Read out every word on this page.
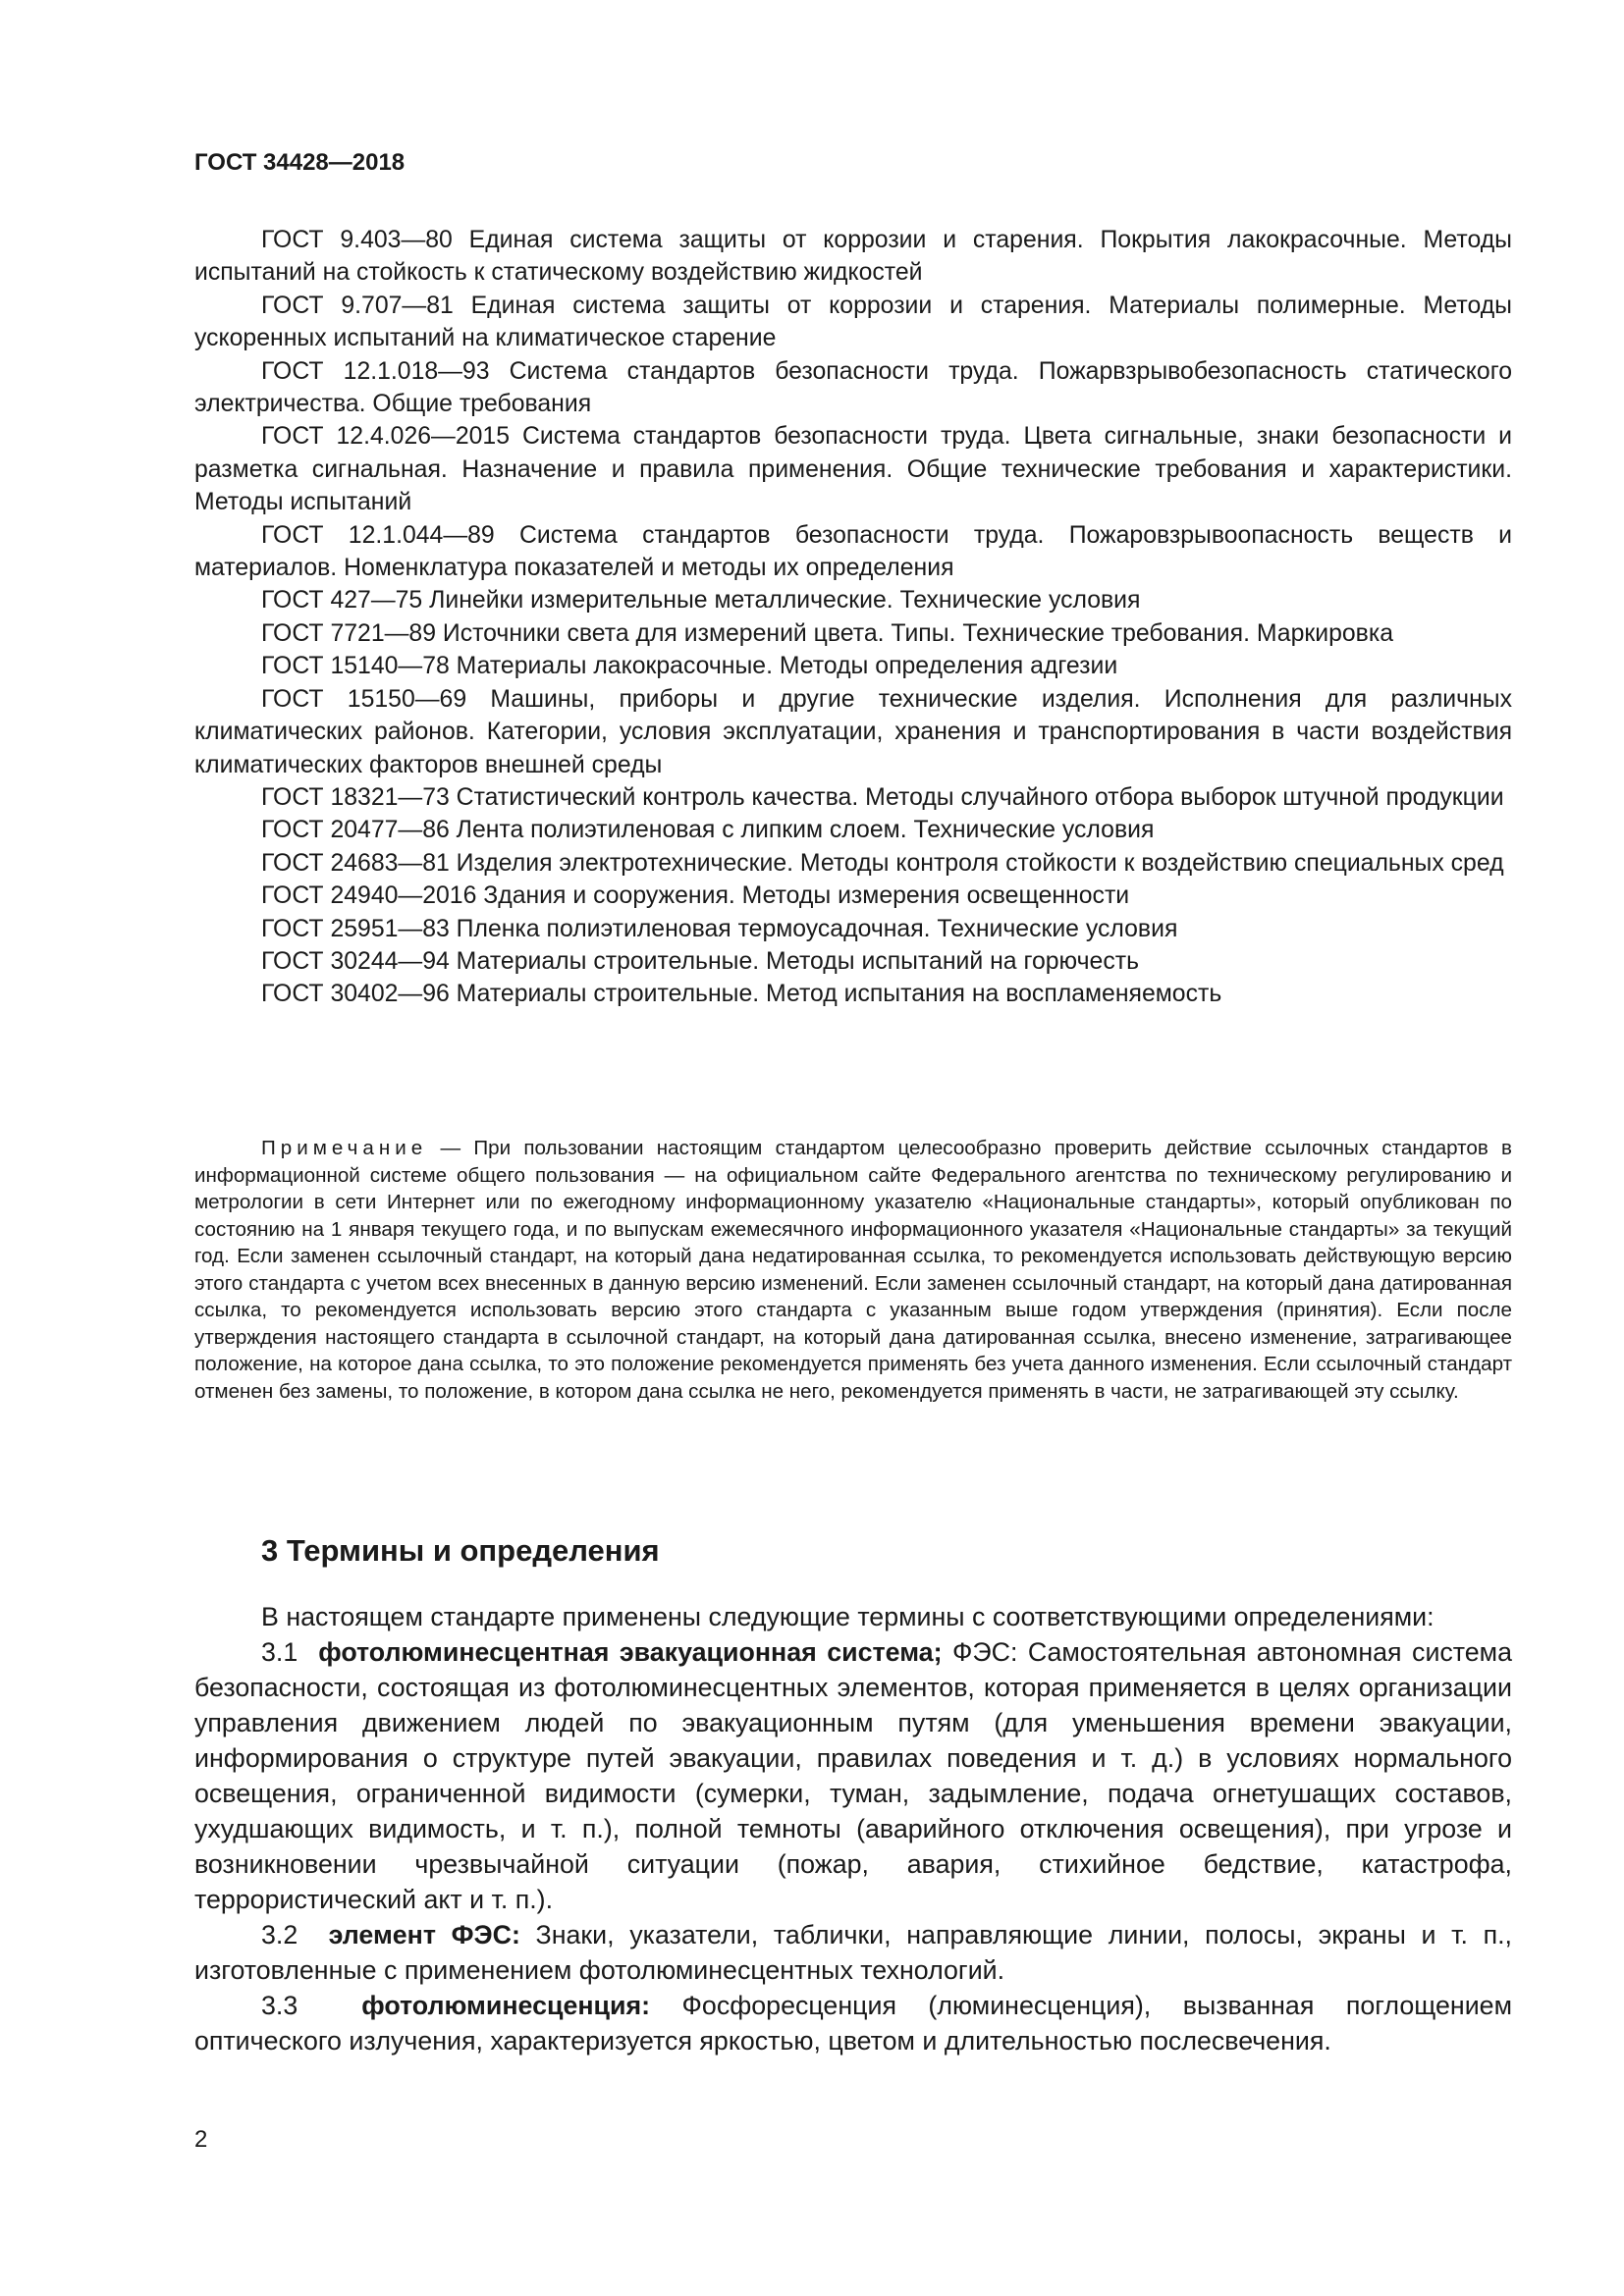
ГОСТ 34428—2018

ГОСТ 9.403—80 Единая система защиты от коррозии и старения. Покрытия лакокрасочные. Методы испытаний на стойкость к статическому воздействию жидкостей

ГОСТ 9.707—81 Единая система защиты от коррозии и старения. Материалы полимерные. Методы ускоренных испытаний на климатическое старение

ГОСТ 12.1.018—93 Система стандартов безопасности труда. Пожарвзрывобезопасность статического электричества. Общие требования

ГОСТ 12.4.026—2015 Система стандартов безопасности труда. Цвета сигнальные, знаки безопасности и разметка сигнальная. Назначение и правила применения. Общие технические требования и характеристики. Методы испытаний

ГОСТ 12.1.044—89 Система стандартов безопасности труда. Пожаровзрывоопасность веществ и материалов. Номенклатура показателей и методы их определения

ГОСТ 427—75 Линейки измерительные металлические. Технические условия

ГОСТ 7721—89 Источники света для измерений цвета. Типы. Технические требования. Маркировка

ГОСТ 15140—78 Материалы лакокрасочные. Методы определения адгезии

ГОСТ 15150—69 Машины, приборы и другие технические изделия. Исполнения для различных климатических районов. Категории, условия эксплуатации, хранения и транспортирования в части воздействия климатических факторов внешней среды

ГОСТ 18321—73 Статистический контроль качества. Методы случайного отбора выборок штучной продукции

ГОСТ 20477—86 Лента полиэтиленовая с липким слоем. Технические условия

ГОСТ 24683—81 Изделия электротехнические. Методы контроля стойкости к воздействию специальных сред

ГОСТ 24940—2016 Здания и сооружения. Методы измерения освещенности

ГОСТ 25951—83 Пленка полиэтиленовая термоусадочная. Технические условия

ГОСТ 30244—94 Материалы строительные. Методы испытаний на горючесть

ГОСТ 30402—96 Материалы строительные. Метод испытания на воспламеняемость

Примечание — При пользовании настоящим стандартом целесообразно проверить действие ссылочных стандартов в информационной системе общего пользования — на официальном сайте Федерального агентства по техническому регулированию и метрологии в сети Интернет или по ежегодному информационному указателю «Национальные стандарты», который опубликован по состоянию на 1 января текущего года, и по выпускам ежемесячного информационного указателя «Национальные стандарты» за текущий год. Если заменен ссылочный стандарт, на который дана недатированная ссылка, то рекомендуется использовать действующую версию этого стандарта с учетом всех внесенных в данную версию изменений. Если заменен ссылочный стандарт, на который дана датированная ссылка, то рекомендуется использовать версию этого стандарта с указанным выше годом утверждения (принятия). Если после утверждения настоящего стандарта в ссылочной стандарт, на который дана датированная ссылка, внесено изменение, затрагивающее положение, на которое дана ссылка, то это положение рекомендуется применять без учета данного изменения. Если ссылочный стандарт отменен без замены, то положение, в котором дана ссылка не него, рекомендуется применять в части, не затрагивающей эту ссылку.

3 Термины и определения

В настоящем стандарте применены следующие термины с соответствующими определениями:

3.1 фотолюминесцентная эвакуационная система; ФЭС: Самостоятельная автономная система безопасности, состоящая из фотолюминесцентных элементов, которая применяется в целях организации управления движением людей по эвакуационным путям (для уменьшения времени эвакуации, информирования о структуре путей эвакуации, правилах поведения и т. д.) в условиях нормального освещения, ограниченной видимости (сумерки, туман, задымление, подача огнетушащих составов, ухудшающих видимость, и т. п.), полной темноты (аварийного отключения освещения), при угрозе и возникновении чрезвычайной ситуации (пожар, авария, стихийное бедствие, катастрофа, террористический акт и т. п.).

3.2 элемент ФЭС: Знаки, указатели, таблички, направляющие линии, полосы, экраны и т. п., изготовленные с применением фотолюминесцентных технологий.

3.3 фотолюминесценция: Фосфоресценция (люминесценция), вызванная поглощением оптического излучения, характеризуется яркостью, цветом и длительностью послесвечения.

2
